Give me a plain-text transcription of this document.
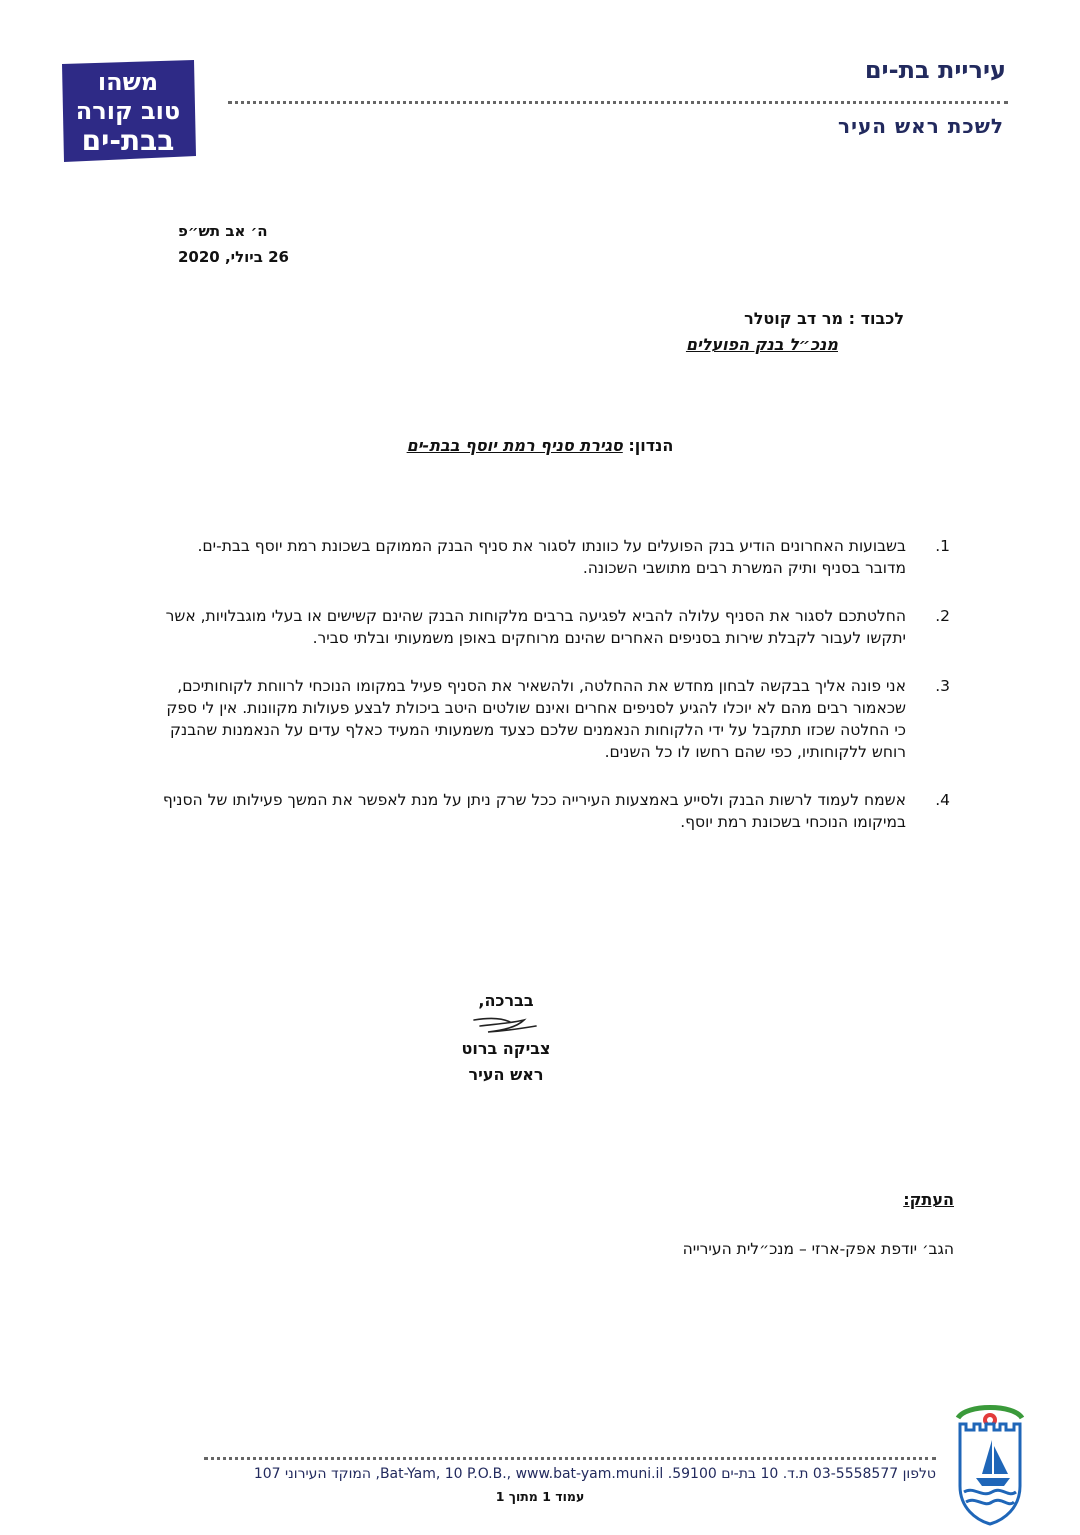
עיריית בת-ים
לשכת ראש העיר
משהו
טוב קורה
בבת-ים
ה׳ אב תש״פ
26 ביולי, 2020
לכבוד : מר דב קוטלר
מנכ״ל בנק הפועלים
הנדון: סגירת סניף רמת יוסף בבת-ים
1.
בשבועות האחרונים הודיע בנק הפועלים על כוונתו לסגור את סניף הבנק הממוקם בשכונת רמת יוסף בבת-ים. מדובר בסניף ותיק המשרת רבים מתושבי השכונה.
2.
החלטתכם לסגור את הסניף עלולה להביא לפגיעה ברבים מלקוחות הבנק שהינם קשישים או בעלי מוגבלויות, אשר יתקשו לעבור לקבלת שירות בסניפים האחרים שהינם מרוחקים באופן משמעותי ובלתי סביר.
3.
אני פונה אליך בבקשה לבחון מחדש את ההחלטה, ולהשאיר את הסניף פעיל במקומו הנוכחי לרווחת לקוחותיכם, שכאמור רבים מהם לא יוכלו להגיע לסניפים אחרים ואינם שולטים היטב ביכולת לבצע פעולות מקוונות. אין לי ספק כי החלטה שכזו תתקבל על ידי הלקוחות הנאמנים שלכם כצעד משמעותי המעיד כאלף עדים על הנאמנות שהבנק רוחש ללקוחותיו, כפי שהם רחשו לו כל השנים.
4.
אשמח לעמוד לרשות הבנק ולסייע באמצעות העירייה ככל שרק ניתן על מנת לאפשר את המשך פעילותו של הסניף במיקומו הנוכחי בשכונת רמת יוסף.
בברכה,
צביקה ברוט
ראש העיר
העתק:
הגב׳ יודפת אפק-ארזי – מנכ״לית העירייה
טלפון 03-5558577 ת.ד. 10 בת-ים 59100. Bat-Yam, 10 P.O.B., www.bat-yam.muni.il, המוקד העירוני 107
עמוד 1 מתוך 1
